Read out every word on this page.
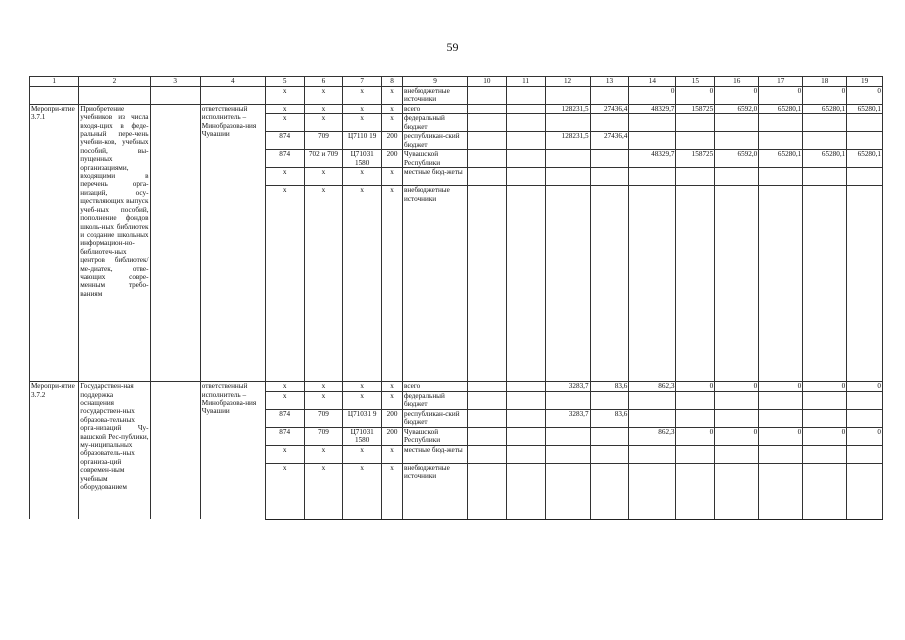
59
1	2	3	4	5	6	7	8	9	10	11	12	13	14	15	16	17	18	19
				x	x	x	x	внебюджетные источники					0	0	0	0	0	0
Меропри-ятие 3.7.1	Приобретение учебников из числа входя-щих в феде-ральный пере-чень учебни-ков, учебных пособий, вы-пущенных организациями, входящими в перечень орга-низаций, осу-ществляющих выпуск учеб-ных пособий, пополнение фондов школь-ных библиотек и создание школьных информацион-но-библиотеч-ных центров библиотек/ме-диатек, отве-чающих совре-менным требо-ваниям		ответственный исполнитель – Минобразова-ния Чувашии	x	x	x	x	всего			128231,5	27436,4	48329,7	158725	6592,0	65280,1	65280,1	65280,1
				x	x	x	x	федеральный бюджет										
				874	709	Ц7110 19	200	республикан-ский бюджет			128231,5	27436,4						
				874	702 и 709	Ц71031 1580	200	Чувашской Республики					48329,7	158725	6592,0	65280,1	65280,1	65280,1
				x	x	x	x	местные бюд-жеты										
				x	x	x	x	внебюджетные источники										
Меропри-ятие 3.7.2	Государствен-ная поддержка оснащения государствен-ных образова-тельных орга-низаций Чу-вашской Рес-публики, му-ниципальных образователь-ных организа-ций современ-ным учебным оборудованием		ответственный исполнитель – Минобразова-ния Чувашии	x	x	x	x	всего			3283,7	83,6	862,3	0	0	0	0	0
				x	x	x	x	федеральный бюджет										
				874	709	Ц71031 9	200	республикан-ский бюджет			3283,7	83,6						
				874	709	Ц71031 1580	200	Чувашской Республики					862,3	0	0	0	0	0
				x	x	x	x	местные бюд-жеты										
				x	x	x	x	внебюджетные источники										
